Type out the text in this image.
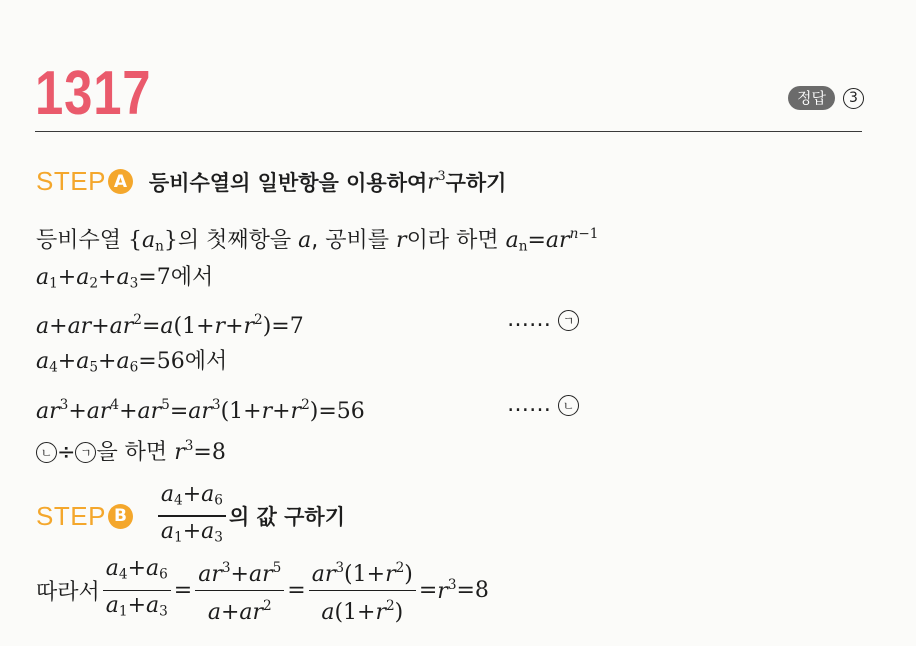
1317	정답	3
STEP A 등비수열의 일반항을 이용하여 $r^3$ 구하기
등비수열 $\{a_n\}$의 첫째항을 a, 공비를 r이라 하면 $a_n=ar^{n-1}$
$a_1+a_2+a_3=7$에서
$a+ar+ar^2=a(1+r+r^2)=7$	…… ㄱ
$a_4+a_5+a_6=56$에서
$ar^3+ar^4+ar^5=ar^3(1+r+r^2)=56$	…… ㄴ
ㄴ ÷ ㄱ 을 하면 $r^3=8$
STEP B $\frac{a_4+a_6}{a_1+a_3}$ 의 값 구하기
따라서 $\frac{a_4+a_6}{a_1+a_3} = \frac{ar^3+ar^5}{a+ar^2} = \frac{ar^3(1+r^2)}{a(1+r^2)} = r^3 =8$
